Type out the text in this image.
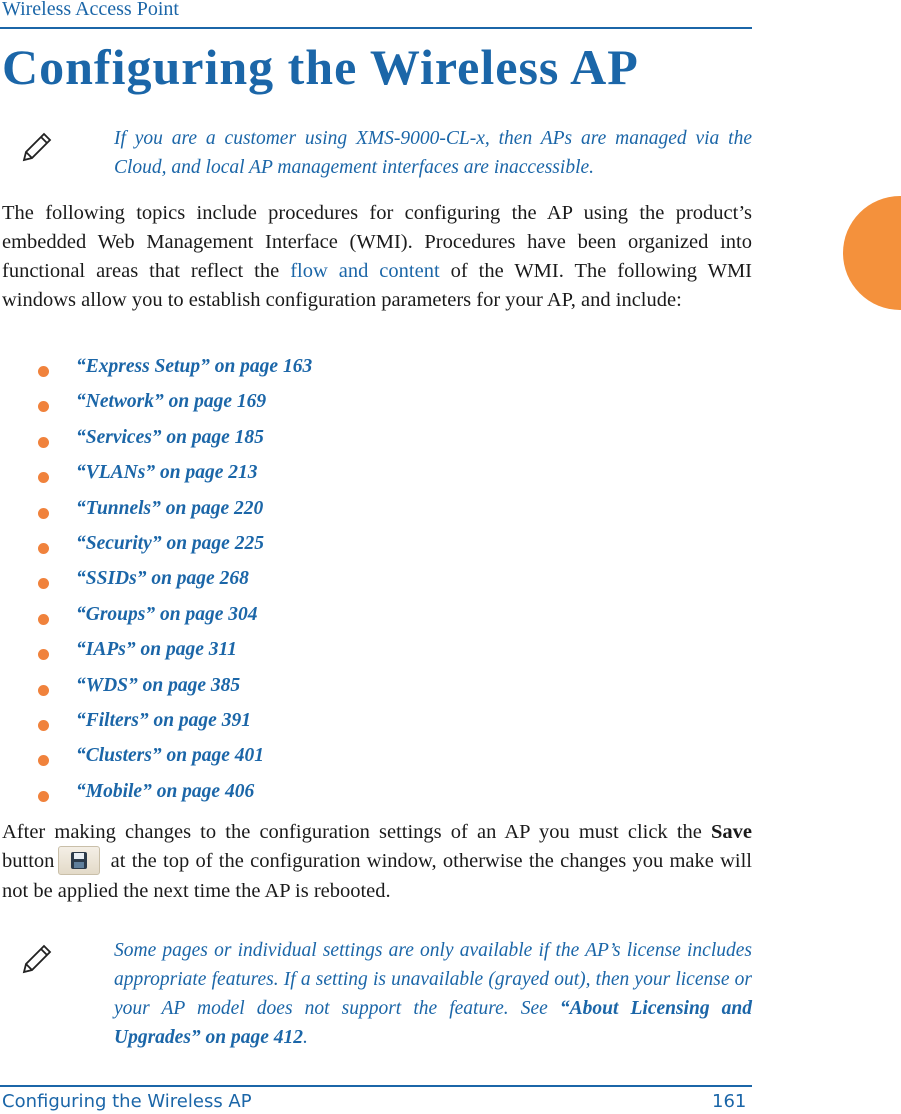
Wireless Access Point
Configuring the Wireless AP
If you are a customer using XMS-9000-CL-x, then APs are managed via the Cloud, and local AP management interfaces are inaccessible.
The following topics include procedures for configuring the AP using the product’s embedded Web Management Interface (WMI). Procedures have been organized into functional areas that reflect the flow and content of the WMI. The following WMI windows allow you to establish configuration parameters for your AP, and include:
“Express Setup” on page 163
“Network” on page 169
“Services” on page 185
“VLANs” on page 213
“Tunnels” on page 220
“Security” on page 225
“SSIDs” on page 268
“Groups” on page 304
“IAPs” on page 311
“WDS” on page 385
“Filters” on page 391
“Clusters” on page 401
“Mobile” on page 406
After making changes to the configuration settings of an AP you must click the Save button
at the top of the configuration window, otherwise the changes you make will not be applied the next time the AP is rebooted.
Some pages or individual settings are only available if the AP’s license includes appropriate features. If a setting is unavailable (grayed out), then your license or your AP model does not support the feature. See “About Licensing and Upgrades” on page 412.
Configuring the Wireless AP	161
